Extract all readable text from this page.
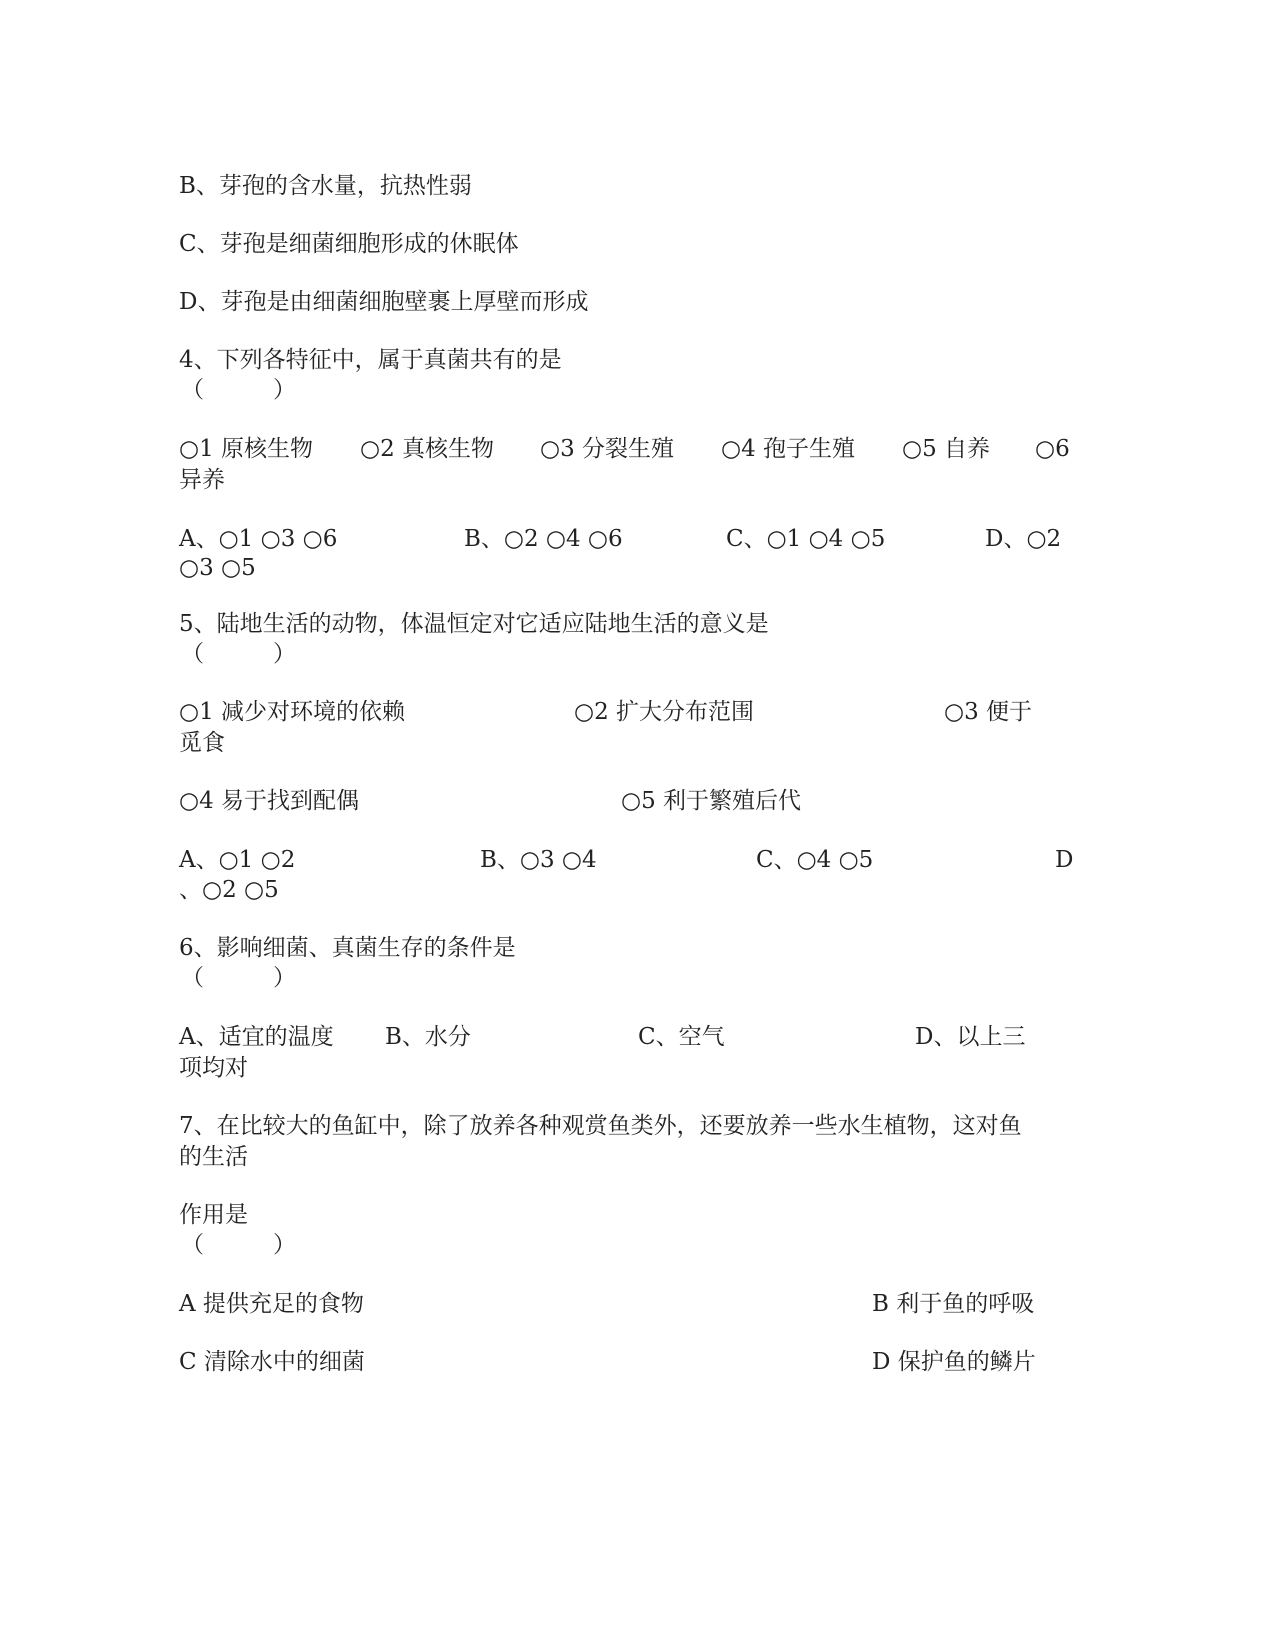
B、芽孢的含水量，抗热性弱
C、芽孢是细菌细胞形成的休眠体
D、芽孢是由细菌细胞壁裹上厚壁而形成
4、下列各特征中，属于真菌共有的是
（　　　）
○1 原核生物 ○2 真核生物 ○3 分裂生殖 ○4 孢子生殖 ○5 自养 ○6
异养
A、○1 ○3 ○6	B、○2 ○4 ○6	C、○1 ○4 ○5	D、○2
○3 ○5
5、陆地生活的动物，体温恒定对它适应陆地生活的意义是
（　　　）
○1 减少对环境的依赖	○2 扩大分布范围	○3 便于
觅食
○4 易于找到配偶	○5 利于繁殖后代
A、○1 ○2	B、○3 ○4	C、○4 ○5	D
、○2 ○5
6、影响细菌、真菌生存的条件是
（　　　）
A、适宜的温度 B、水分	C、空气	D、以上三
项均对
7、在比较大的鱼缸中，除了放养各种观赏鱼类外，还要放养一些水生植物，这对鱼
的生活
作用是
（　　　）
A 提供充足的食物	B 利于鱼的呼吸
C 清除水中的细菌	D 保护鱼的鳞片
